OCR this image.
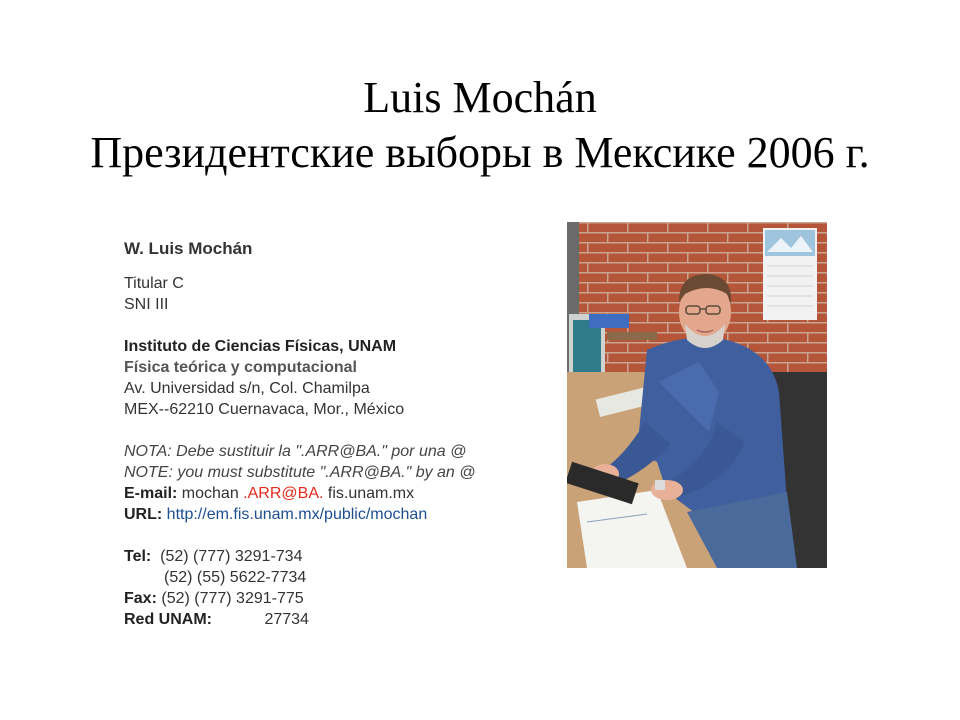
Luis Mochán
Президентские выборы в Мексике 2006 г.
W. Luis Mochán
Titular C
SNI III
Instituto de Ciencias Físicas, UNAM
Física teórica y computacional
Av. Universidad s/n, Col. Chamilpa
MEX--62210 Cuernavaca, Mor., México
NOTA: Debe sustituir la ".ARR@BA." por una @
NOTE: you must substitute ".ARR@BA." by an @
E-mail: mochan .ARR@BA. fis.unam.mx
URL: http://em.fis.unam.mx/public/mochan
Tel: (52) (777) 3291-734
(52) (55) 5622-7734
Fax: (52) (777) 3291-775
Red UNAM:	27734
